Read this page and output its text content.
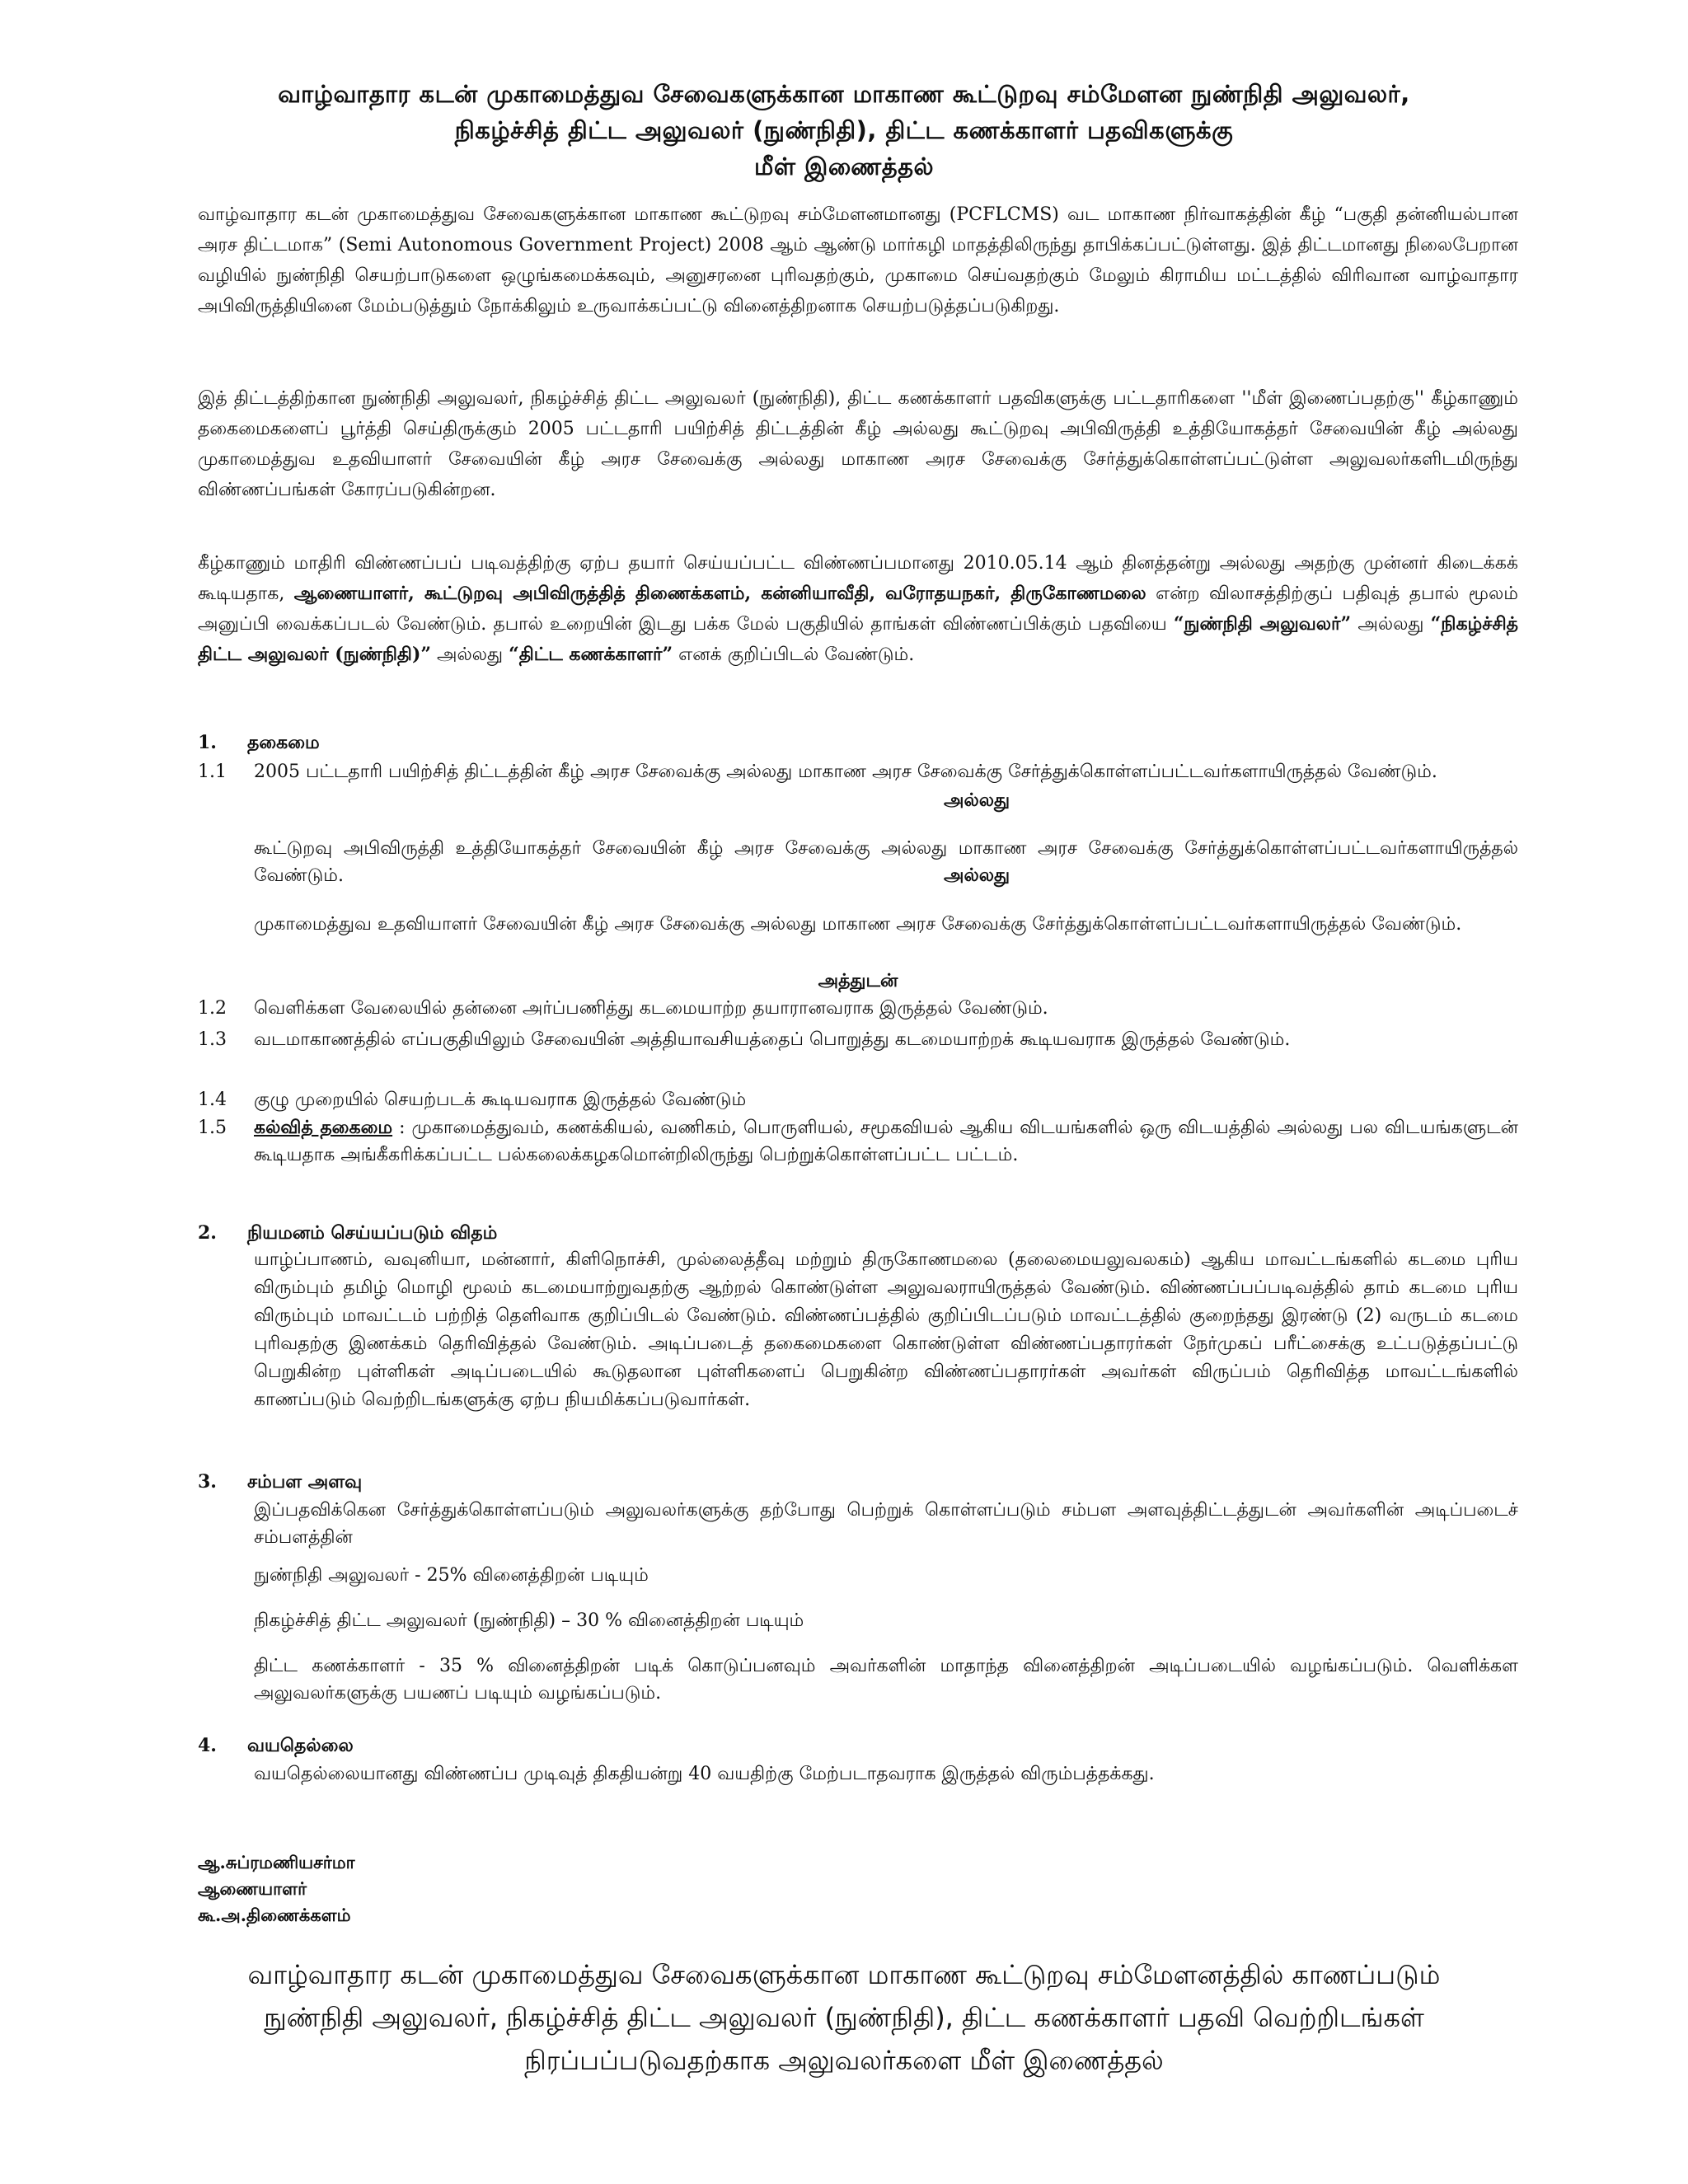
வாழ்வாதார கடன் முகாமைத்துவ சேவைகளுக்கான மாகாண கூட்டுறவு சம்மேளன நுண்நிதி அலுவலர்,
நிகழ்ச்சித் திட்ட அலுவலர் (நுண்நிதி), திட்ட கணக்காளர் பதவிகளுக்கு
மீள் இணைத்தல்
வாழ்வாதார கடன் முகாமைத்துவ சேவைகளுக்கான மாகாண கூட்டுறவு சம்மேளனமானது (PCFLCMS) வட மாகாண நிர்வாகத்தின் கீழ் “பகுதி தன்னியல்பான அரச திட்டமாக” (Semi Autonomous Government Project) 2008 ஆம் ஆண்டு மார்கழி மாதத்திலிருந்து தாபிக்கப்பட்டுள்ளது. இத் திட்டமானது நிலைபேறான வழியில் நுண்நிதி செயற்பாடுகளை ஒழுங்கமைக்கவும், அனுசரனை புரிவதற்கும், முகாமை செய்வதற்கும் மேலும் கிராமிய மட்டத்தில் விரிவான வாழ்வாதார அபிவிருத்தியினை மேம்படுத்தும் நோக்கிலும் உருவாக்கப்பட்டு வினைத்திறனாக செயற்படுத்தப்படுகிறது.
இத் திட்டத்திற்கான நுண்நிதி அலுவலர், நிகழ்ச்சித் திட்ட அலுவலர் (நுண்நிதி), திட்ட கணக்காளர் பதவிகளுக்கு பட்டதாரிகளை ''மீள் இணைப்பதற்கு'' கீழ்காணும் தகைமைகளைப் பூர்த்தி செய்திருக்கும் 2005 பட்டதாரி பயிற்சித் திட்டத்தின் கீழ் அல்லது கூட்டுறவு அபிவிருத்தி உத்தியோகத்தர் சேவையின் கீழ் அல்லது முகாமைத்துவ உதவியாளர் சேவையின் கீழ் அரச சேவைக்கு அல்லது மாகாண அரச சேவைக்கு சேர்த்துக்கொள்ளப்பட்டுள்ள அலுவலர்களிடமிருந்து விண்ணப்பங்கள் கோரப்படுகின்றன.
கீழ்காணும் மாதிரி விண்ணப்பப் படிவத்திற்கு ஏற்ப தயார் செய்யப்பட்ட விண்ணப்பமானது 2010.05.14 ஆம் தினத்தன்று அல்லது அதற்கு முன்னர் கிடைக்கக் கூடியதாக, ஆணையாளர், கூட்டுறவு அபிவிருத்தித் திணைக்களம், கன்னியாவீதி, வரோதயநகர், திருகோணமலை என்ற விலாசத்திற்குப் பதிவுத் தபால் மூலம் அனுப்பி வைக்கப்படல் வேண்டும். தபால் உறையின் இடது பக்க மேல் பகுதியில் தாங்கள் விண்ணப்பிக்கும் பதவியை “நுண்நிதி அலுவலர்” அல்லது “நிகழ்ச்சித் திட்ட அலுவலர் (நுண்நிதி)” அல்லது “திட்ட கணக்காளர்” எனக் குறிப்பிடல் வேண்டும்.
1. தகைமை
1.1	2005 பட்டதாரி பயிற்சித் திட்டத்தின் கீழ் அரச சேவைக்கு அல்லது மாகாண அரச சேவைக்கு சேர்த்துக்கொள்ளப்பட்டவர்களாயிருத்தல் வேண்டும்.
அல்லது
கூட்டுறவு அபிவிருத்தி உத்தியோகத்தர் சேவையின் கீழ் அரச சேவைக்கு அல்லது மாகாண அரச சேவைக்கு சேர்த்துக்கொள்ளப்பட்டவர்களாயிருத்தல் வேண்டும்.	அல்லது
முகாமைத்துவ உதவியாளர் சேவையின் கீழ் அரச சேவைக்கு அல்லது மாகாண அரச சேவைக்கு சேர்த்துக்கொள்ளப்பட்டவர்களாயிருத்தல் வேண்டும்.
அத்துடன்
1.2	வெளிக்கள வேலையில் தன்னை அர்ப்பணித்து கடமையாற்ற தயாரானவராக இருத்தல் வேண்டும்.
1.3	வடமாகாணத்தில் எப்பகுதியிலும் சேவையின் அத்தியாவசியத்தைப் பொறுத்து கடமையாற்றக் கூடியவராக இருத்தல் வேண்டும்.
1.4	குழு முறையில் செயற்படக் கூடியவராக இருத்தல் வேண்டும்
1.5	கல்வித் தகைமை : முகாமைத்துவம், கணக்கியல், வணிகம், பொருளியல், சமூகவியல் ஆகிய விடயங்களில் ஒரு விடயத்தில் அல்லது பல விடயங்களுடன் கூடியதாக அங்கீகரிக்கப்பட்ட பல்கலைக்கழகமொன்றிலிருந்து பெற்றுக்கொள்ளப்பட்ட பட்டம்.
2. நியமனம் செய்யப்படும் விதம்
யாழ்ப்பாணம், வவுனியா, மன்னார், கிளிநொச்சி, முல்லைத்தீவு மற்றும் திருகோணமலை (தலைமையலுவலகம்) ஆகிய மாவட்டங்களில் கடமை புரிய விரும்பும் தமிழ் மொழி மூலம் கடமையாற்றுவதற்கு ஆற்றல் கொண்டுள்ள அலுவலராயிருத்தல் வேண்டும். விண்ணப்பப்படிவத்தில் தாம் கடமை புரிய விரும்பும் மாவட்டம் பற்றித் தெளிவாக குறிப்பிடல் வேண்டும். விண்ணப்பத்தில் குறிப்பிடப்படும் மாவட்டத்தில் குறைந்தது இரண்டு (2) வருடம் கடமை புரிவதற்கு இணக்கம் தெரிவித்தல் வேண்டும். அடிப்படைத் தகைமைகளை கொண்டுள்ள விண்ணப்பதாரர்கள் நேர்முகப் பரீட்சைக்கு உட்படுத்தப்பட்டு பெறுகின்ற புள்ளிகள் அடிப்படையில் கூடுதலான புள்ளிகளைப் பெறுகின்ற விண்ணப்பதாரர்கள் அவர்கள் விருப்பம் தெரிவித்த மாவட்டங்களில் காணப்படும் வெற்றிடங்களுக்கு ஏற்ப நியமிக்கப்படுவார்கள்.
3. சம்பள அளவு
இப்பதவிக்கென சேர்த்துக்கொள்ளப்படும் அலுவலர்களுக்கு தற்போது பெற்றுக் கொள்ளப்படும் சம்பள அளவுத்திட்டத்துடன் அவர்களின் அடிப்படைச் சம்பளத்தின்
நுண்நிதி அலுவலர் - 25% வினைத்திறன் படியும்
நிகழ்ச்சித் திட்ட அலுவலர் (நுண்நிதி) – 30 % வினைத்திறன் படியும்
திட்ட கணக்காளர் - 35 % வினைத்திறன் படிக் கொடுப்பனவும் அவர்களின் மாதாந்த வினைத்திறன் அடிப்படையில் வழங்கப்படும். வெளிக்கள அலுவலர்களுக்கு பயணப் படியும் வழங்கப்படும்.
4. வயதெல்லை
வயதெல்லையானது விண்ணப்ப முடிவுத் திகதியன்று 40 வயதிற்கு மேற்படாதவராக இருத்தல் விரும்பத்தக்கது.
ஆ.சுப்ரமணியசர்மா
ஆணையாளர்
கூ.அ.திணைக்களம்
வாழ்வாதார கடன் முகாமைத்துவ சேவைகளுக்கான மாகாண கூட்டுறவு சம்மேளனத்தில் காணப்படும்
நுண்நிதி அலுவலர், நிகழ்ச்சித் திட்ட அலுவலர் (நுண்நிதி), திட்ட கணக்காளர் பதவி வெற்றிடங்கள்
நிரப்பப்படுவதற்காக அலுவலர்களை மீள் இணைத்தல்
